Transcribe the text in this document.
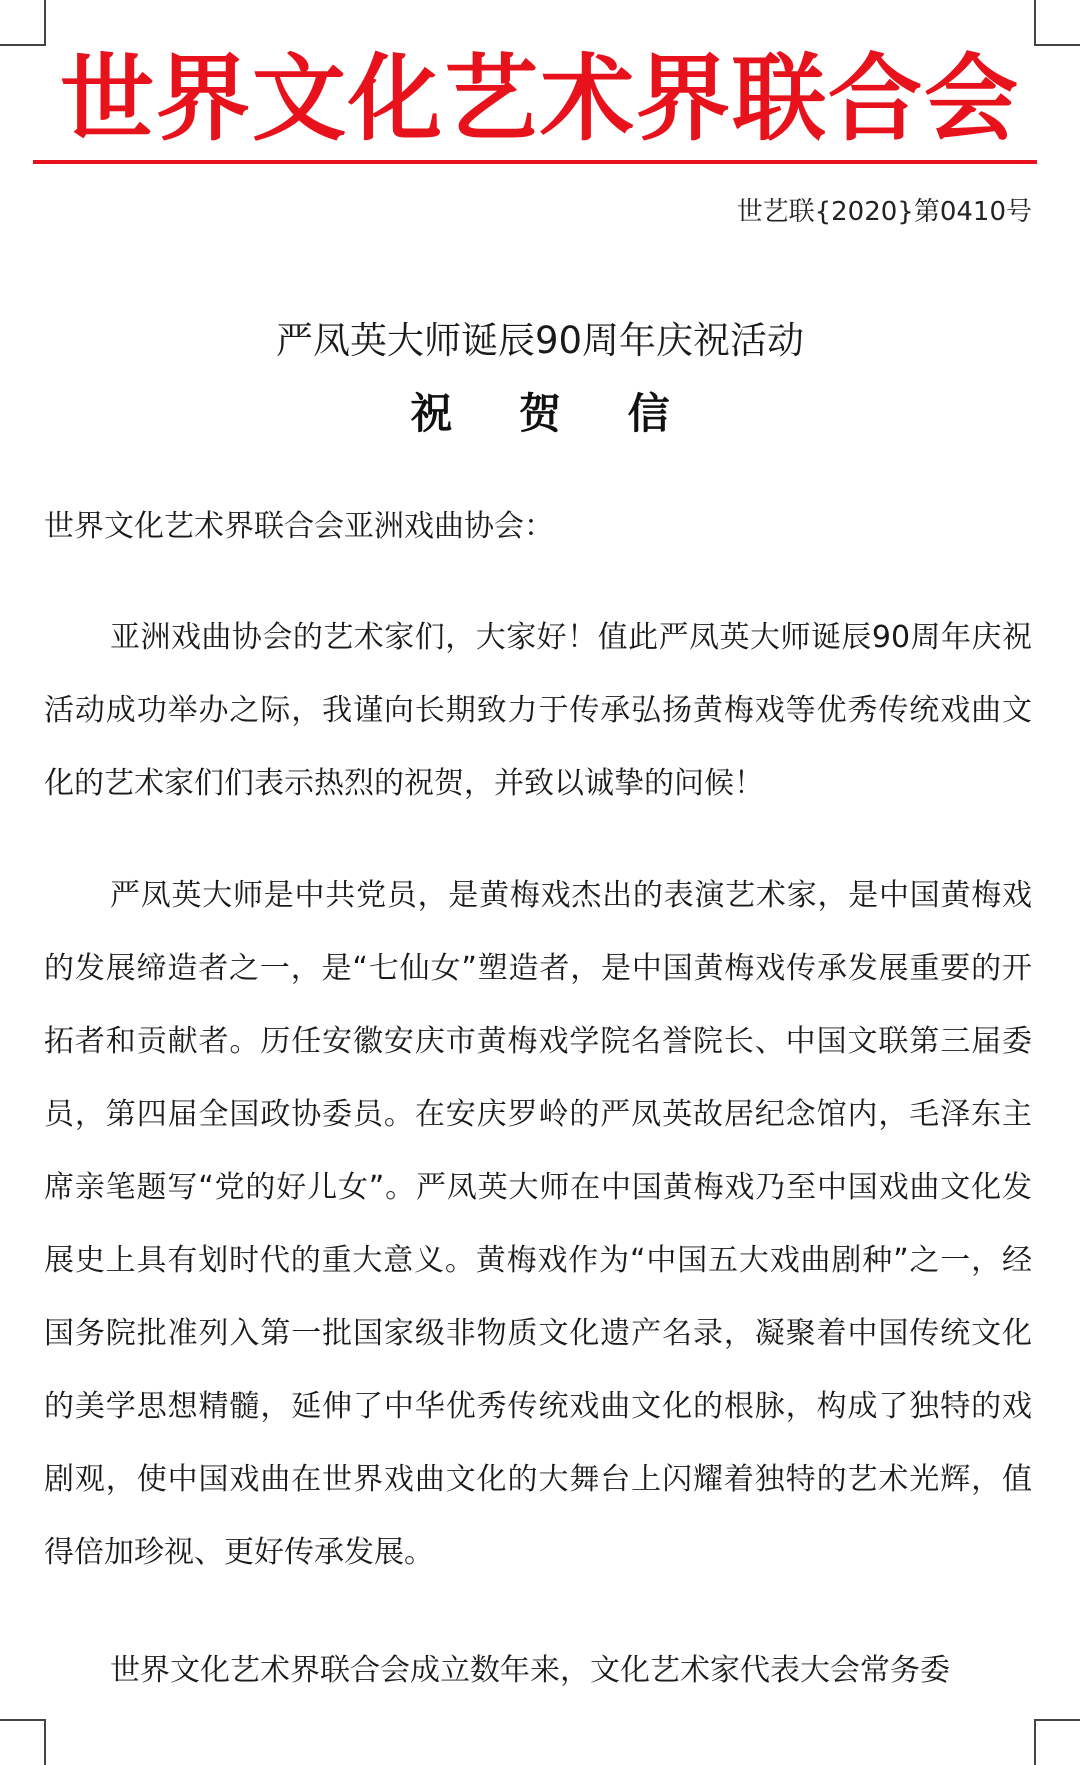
世界文化艺术界联合会
世艺联{2020}第0410号
严凤英大师诞辰90周年庆祝活动
祝 贺 信
世界文化艺术界联合会亚洲戏曲协会：

亚洲戏曲协会的艺术家们，大家好！值此严凤英大师诞辰90周年庆祝活动成功举办之际，我谨向长期致力于传承弘扬黄梅戏等优秀传统戏曲文化的艺术家们们表示热烈的祝贺，并致以诚挚的问候！

严凤英大师是中共党员，是黄梅戏杰出的表演艺术家，是中国黄梅戏的发展缔造者之一，是“七仙女”塑造者，是中国黄梅戏传承发展重要的开拓者和贡献者。历任安徽安庆市黄梅戏学院名誉院长、中国文联第三届委员，第四届全国政协委员。在安庆罗岭的严凤英故居纪念馆内，毛泽东主席亲笔题写“党的好儿女”。严凤英大师在中国黄梅戏乃至中国戏曲文化发展史上具有划时代的重大意义。黄梅戏作为“中国五大戏曲剧种”之一，经国务院批准列入第一批国家级非物质文化遗产名录，凝聚着中国传统文化的美学思想精髓，延伸了中华优秀传统戏曲文化的根脉，构成了独特的戏剧观，使中国戏曲在世界戏曲文化的大舞台上闪耀着独特的艺术光辉，值得倍加珍视、更好传承发展。

世界文化艺术界联合会成立数年来，文化艺术家代表大会常务委
